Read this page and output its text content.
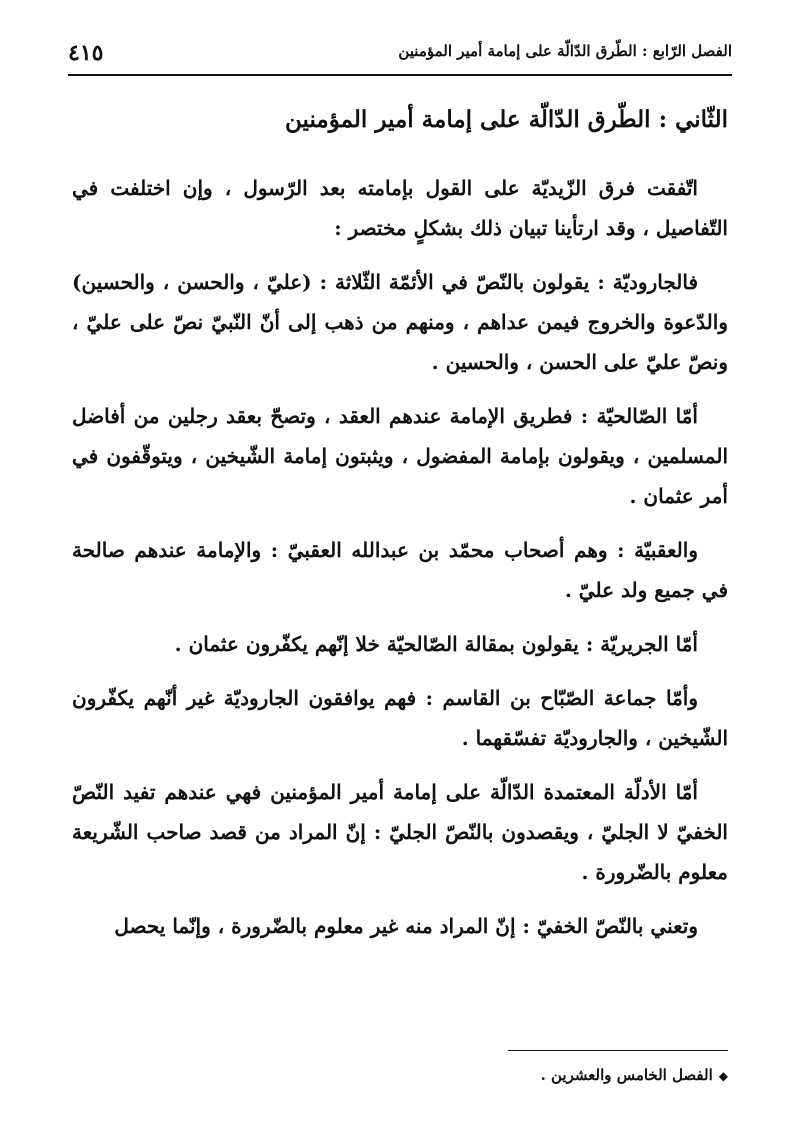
الفصل الرّابع : الطّرق الدّالّة على إمامة أمير المؤمنين
٤١٥
الثّاني : الطّرق الدّالّة على إمامة أمير المؤمنين

اتّفقت فرق الزّيديّة على القول بإمامته بعد الرّسول ، وإن اختلفت في التّفاصيل ، وقد ارتأينا تبيان ذلك بشكلٍ مختصر :

فالجاروديّة : يقولون بالنّصّ في الأئمّة الثّلاثة : (عليّ ، والحسن ، والحسين) والدّعوة والخروج فيمن عداهم ، ومنهم من ذهب إلى أنّ النّبيّ نصّ على عليّ ، ونصّ عليّ على الحسن ، والحسين .

أمّا الصّالحيّة : فطريق الإمامة عندهم العقد ، وتصحّ بعقد رجلين من أفاضل المسلمين ، ويقولون بإمامة المفضول ، ويثبتون إمامة الشّيخين ، ويتوقّفون في أمر عثمان .

والعقبيّة : وهم أصحاب محمّد بن عبدالله العقبيّ : والإمامة عندهم صالحة في جميع ولد عليّ .

أمّا الجريريّة : يقولون بمقالة الصّالحيّة خلا إنّهم يكفّرون عثمان .

وأمّا جماعة الصّبّاح بن القاسم : فهم يوافقون الجاروديّة غير أنّهم يكفّرون الشّيخين ، والجاروديّة تفسّقهما .

أمّا الأدلّة المعتمدة الدّالّة على إمامة أمير المؤمنين فهي عندهم تفيد النّصّ الخفيّ لا الجليّ ، ويقصدون بالنّصّ الجليّ : إنّ المراد من قصد صاحب الشّريعة معلوم بالضّرورة .

وتعني بالنّصّ الخفيّ : إنّ المراد منه غير معلوم بالضّرورة ، وإنّما يحصل

◆الفصل الخامس والعشرين .
